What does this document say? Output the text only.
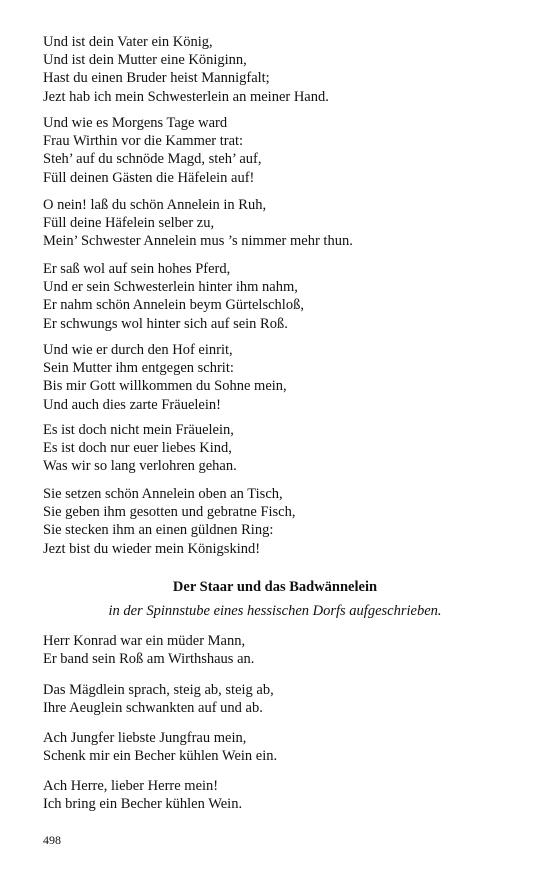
Und ist dein Vater ein König,
Und ist dein Mutter eine Königinn,
Hast du einen Bruder heist Mannigfalt;
Jezt hab ich mein Schwesterlein an meiner Hand.
Und wie es Morgens Tage ward
Frau Wirthin vor die Kammer trat:
Steh’ auf du schnöde Magd, steh’ auf,
Füll deinen Gästen die Häfelein auf!
O nein! laß du schön Annelein in Ruh,
Füll deine Häfelein selber zu,
Mein’ Schwester Annelein mus ’s nimmer mehr thun.
Er saß wol auf sein hohes Pferd,
Und er sein Schwesterlein hinter ihm nahm,
Er nahm schön Annelein beym Gürtelschloß,
Er schwungs wol hinter sich auf sein Roß.
Und wie er durch den Hof einrit,
Sein Mutter ihm entgegen schrit:
Bis mir Gott willkommen du Sohne mein,
Und auch dies zarte Fräuelein!
Es ist doch nicht mein Fräuelein,
Es ist doch nur euer liebes Kind,
Was wir so lang verlohren gehan.
Sie setzen schön Annelein oben an Tisch,
Sie geben ihm gesotten und gebratne Fisch,
Sie stecken ihm an einen güldnen Ring:
Jezt bist du wieder mein Königskind!
Der Staar und das Badwännelein
in der Spinnstube eines hessischen Dorfs aufgeschrieben.
Herr Konrad war ein müder Mann,
Er band sein Roß am Wirthshaus an.
Das Mägdlein sprach, steig ab, steig ab,
Ihre Aeuglein schwankten auf und ab.
Ach Jungfer liebste Jungfrau mein,
Schenk mir ein Becher kühlen Wein ein.
Ach Herre, lieber Herre mein!
Ich bring ein Becher kühlen Wein.
498
